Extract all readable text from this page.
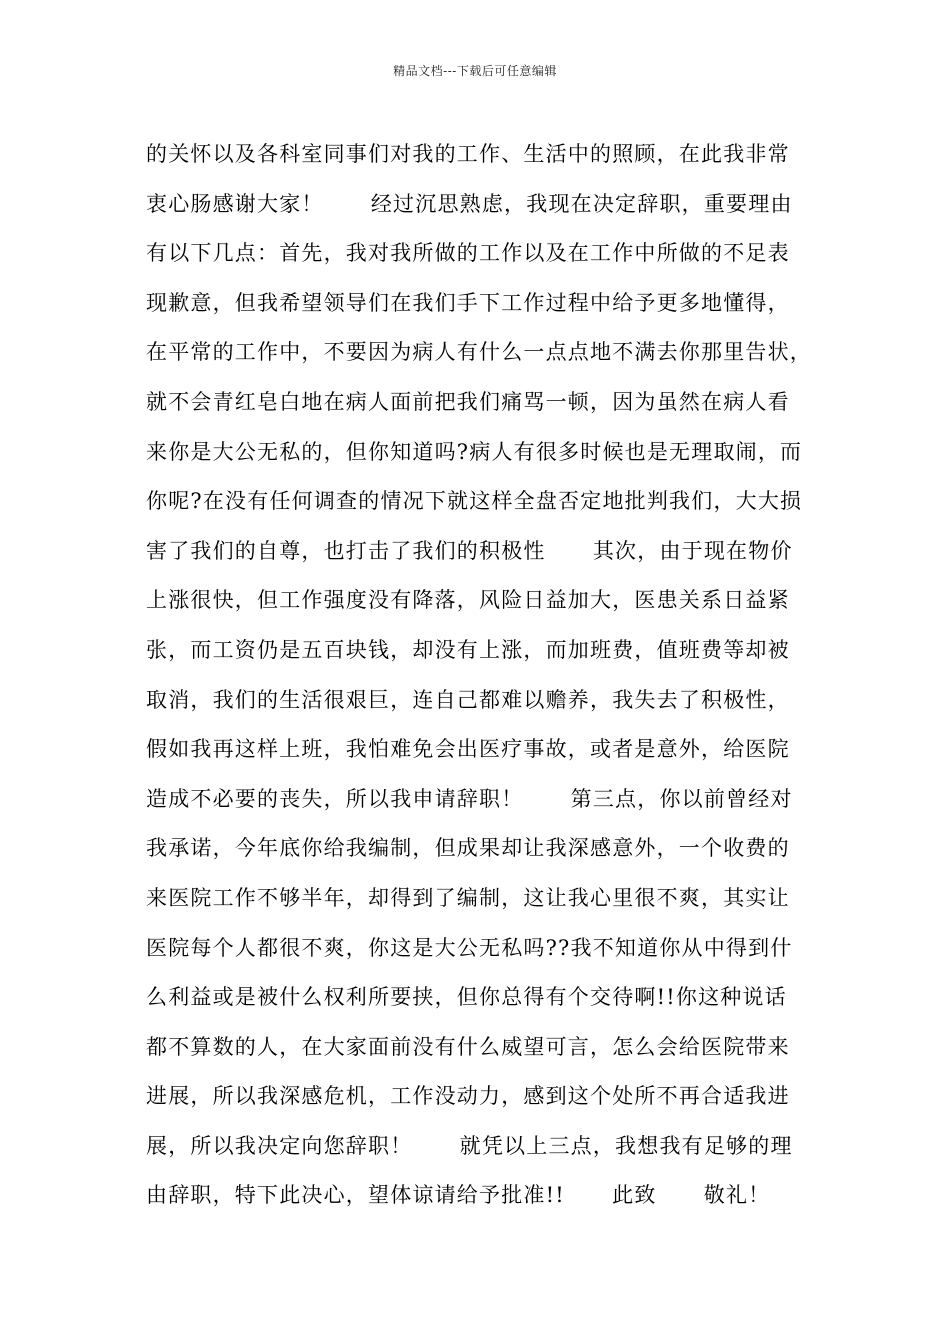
精品文档---下载后可任意编辑
的关怀以及各科室同事们对我的工作、生活中的照顾，在此我非常
衷心肠感谢大家！      经过沉思熟虑，我现在决定辞职，重要理由
有以下几点：首先，我对我所做的工作以及在工作中所做的不足表
现歉意，但我希望领导们在我们手下工作过程中给予更多地懂得，
在平常的工作中，不要因为病人有什么一点点地不满去你那里告状，
就不会青红皂白地在病人面前把我们痛骂一顿，因为虽然在病人看
来你是大公无私的，但你知道吗?病人有很多时候也是无理取闹，而
你呢?在没有任何调查的情况下就这样全盘否定地批判我们，大大损
害了我们的自尊，也打击了我们的积极性      其次，由于现在物价
上涨很快，但工作强度没有降落，风险日益加大，医患关系日益紧
张，而工资仍是五百块钱，却没有上涨，而加班费，值班费等却被
取消，我们的生活很艰巨，连自己都难以赡养，我失去了积极性，
假如我再这样上班，我怕难免会出医疗事故，或者是意外，给医院
造成不必要的丧失，所以我申请辞职！      第三点，你以前曾经对
我承诺，今年底你给我编制，但成果却让我深感意外，一个收费的
来医院工作不够半年，却得到了编制，这让我心里很不爽，其实让
医院每个人都很不爽，你这是大公无私吗??我不知道你从中得到什
么利益或是被什么权利所要挟，但你总得有个交待啊!!你这种说话
都不算数的人，在大家面前没有什么威望可言，怎么会给医院带来
进展，所以我深感危机，工作没动力，感到这个处所不再合适我进
展，所以我决定向您辞职！      就凭以上三点，我想我有足够的理
由辞职，特下此决心，望体谅请给予批准!!      此致      敬礼！
